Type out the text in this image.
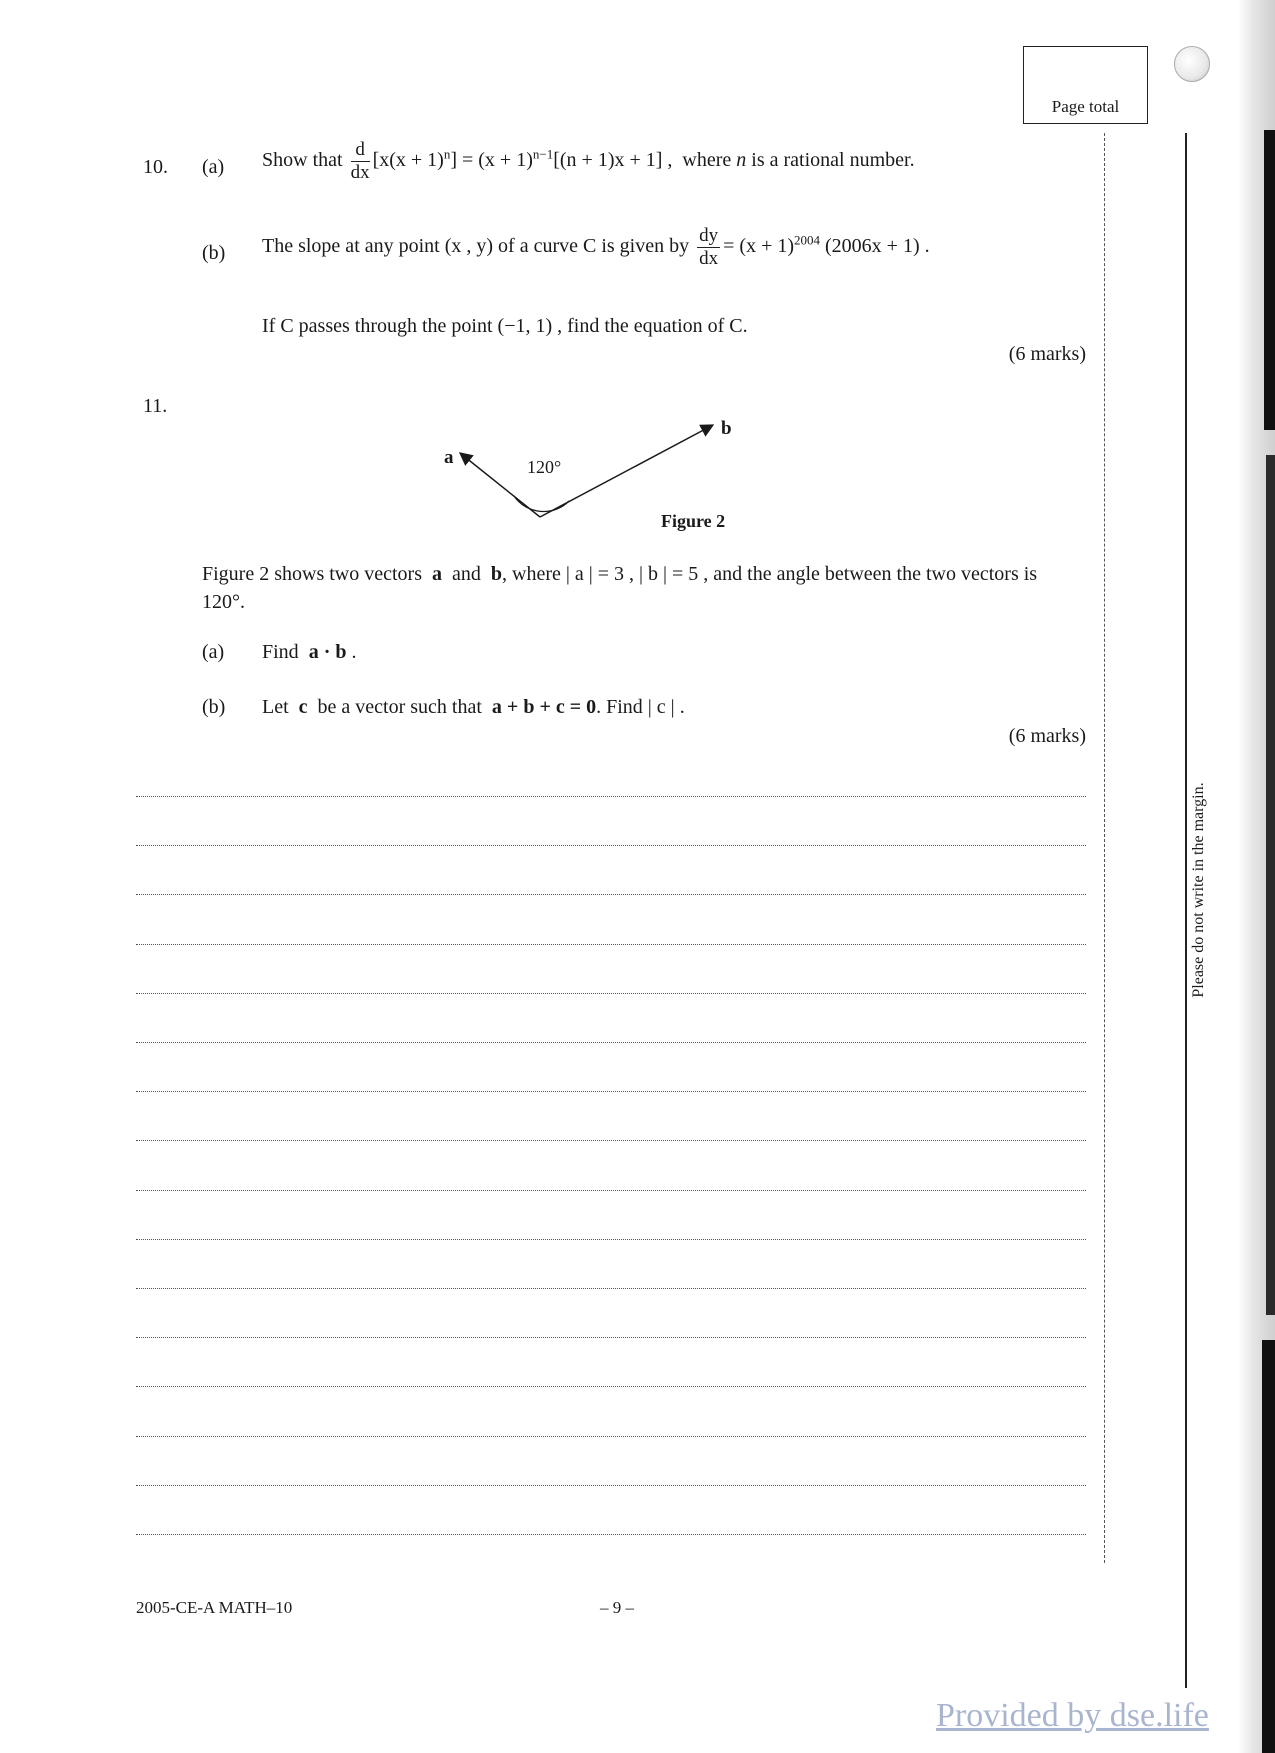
Page total
Please do not write in the margin.
10. (a) Show that $\frac{d}{dx} [x(x + 1)^n] = (x + 1)^{n-1}[(n + 1)x + 1]$ , where n is a rational number.
(b) The slope at any point (x , y) of a curve C is given by $\frac{dy}{dx} = (x + 1)^{2004}$ (2006x + 1) .
If C passes through the point (−1, 1) , find the equation of C.
(6 marks)
11.
a
b
120°
Figure 2
Figure 2 shows two vectors a and b, where | a | = 3 , | b | = 5 , and the angle between the two vectors is
120°.
(a) Find a · b .
(b) Let c be a vector such that a + b + c = 0. Find | c | .
(6 marks)
2005-CE-A MATH–10	– 9 –
Provided by dse.life
